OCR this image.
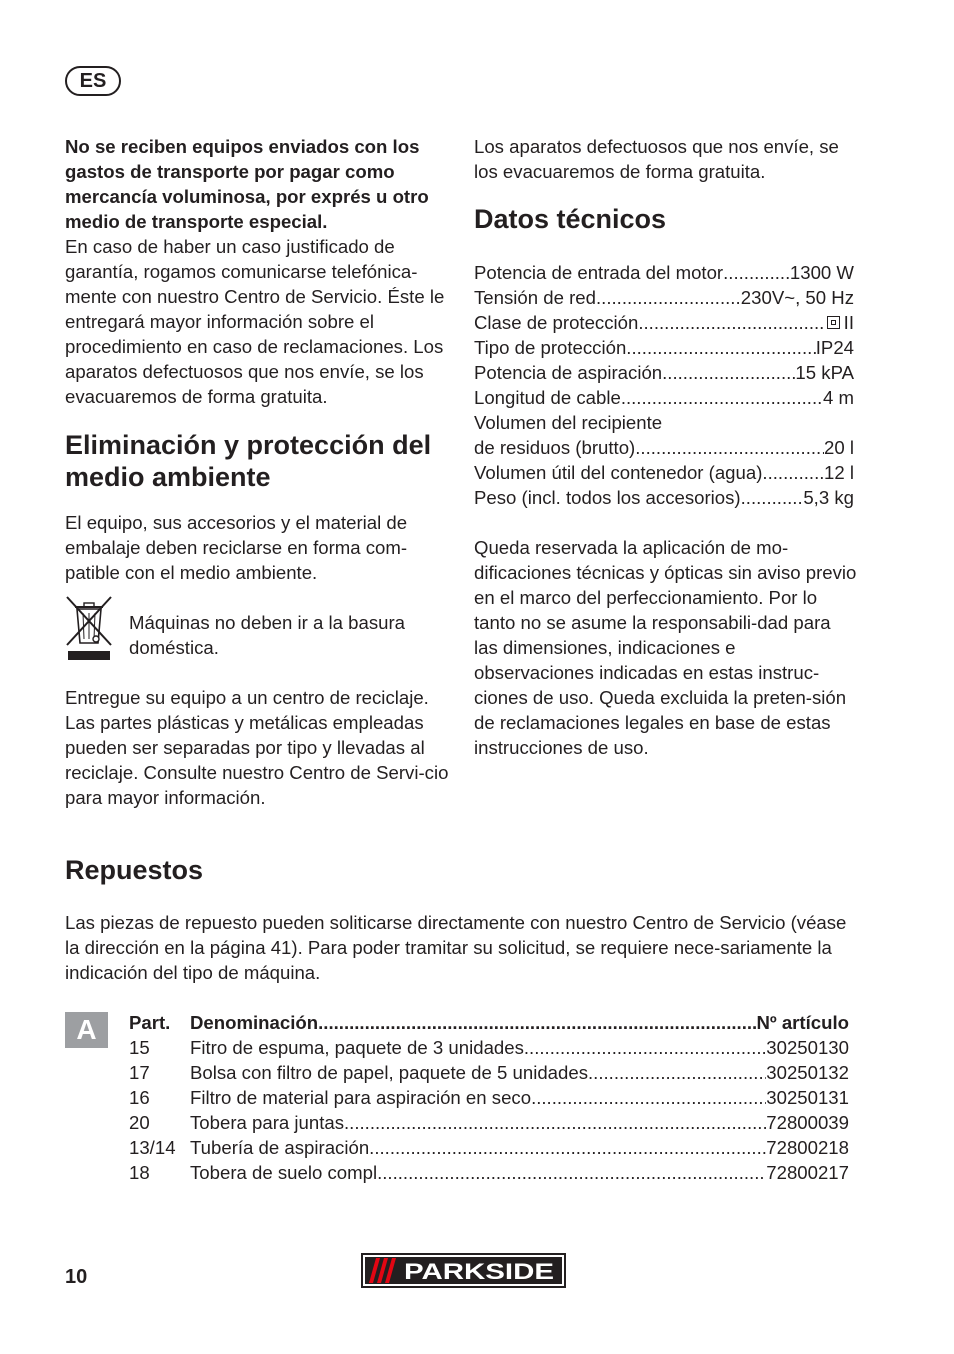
ES

No se reciben equipos enviados con los gastos de transporte por pagar como mercancía voluminosa, por exprés u otro medio de transporte especial.

En caso de haber un caso justificado de garantía, rogamos comunicarse telefónica-mente con nuestro Centro de Servicio. Éste le entregará mayor información sobre el procedimiento en caso de reclamaciones. Los aparatos defectuosos que nos envíe, se los evacuaremos de forma gratuita.

Eliminación y protección del medio ambiente

El equipo, sus accesorios y el material de embalaje deben reciclarse en forma com-patible con el medio ambiente.

Máquinas no deben ir a la basura doméstica.

Entregue su equipo a un centro de reciclaje. Las partes plásticas y metálicas empleadas pueden ser separadas por tipo y llevadas al reciclaje. Consulte nuestro Centro de Servi-cio para mayor información.

Los aparatos defectuosos que nos envíe, se los evacuaremos de forma gratuita.
Datos técnicos
Potencia de entrada del motor .....	1300 W
Tensión de red .....	230V~, 50 Hz
Clase de protección .....	II
Tipo de protección .....	IP24
Potencia de aspiración .....	15 kPA
Longitud de cable .....	4 m
Volumen del recipiente
de residuos (brutto) .....	20 l
Volumen útil del contenedor (agua) .....	12 l
Peso (incl. todos los accesorios) .....	5,3 kg
Queda reservada la aplicación de mo-dificaciones técnicas y ópticas sin aviso previo en el marco del perfeccionamiento. Por lo tanto no se asume la responsabili-dad para las dimensiones, indicaciones e observaciones indicadas en estas instruc-ciones de uso. Queda excluida la preten-sión de reclamaciones legales en base de estas instrucciones de uso.
Repuestos
Las piezas de repuesto pueden soliticarse directamente con nuestro Centro de Servicio (véase la dirección en la página 41). Para poder tramitar su solicitud, se requiere nece-sariamente la indicación del tipo de máquina.
A	Part.	Denominación .....	Nº artículo
15	Fitro de espuma, paquete de 3 unidades .....	30250130
17	Bolsa con filtro de papel, paquete de 5 unidades .....	30250132
16	Filtro de material para aspiración en seco .....	30250131
20	Tobera para juntas .....	72800039
13/14 Tubería de aspiración .....	72800218
18	Tobera de suelo compl. .....	72800217
10	PARKSIDE
